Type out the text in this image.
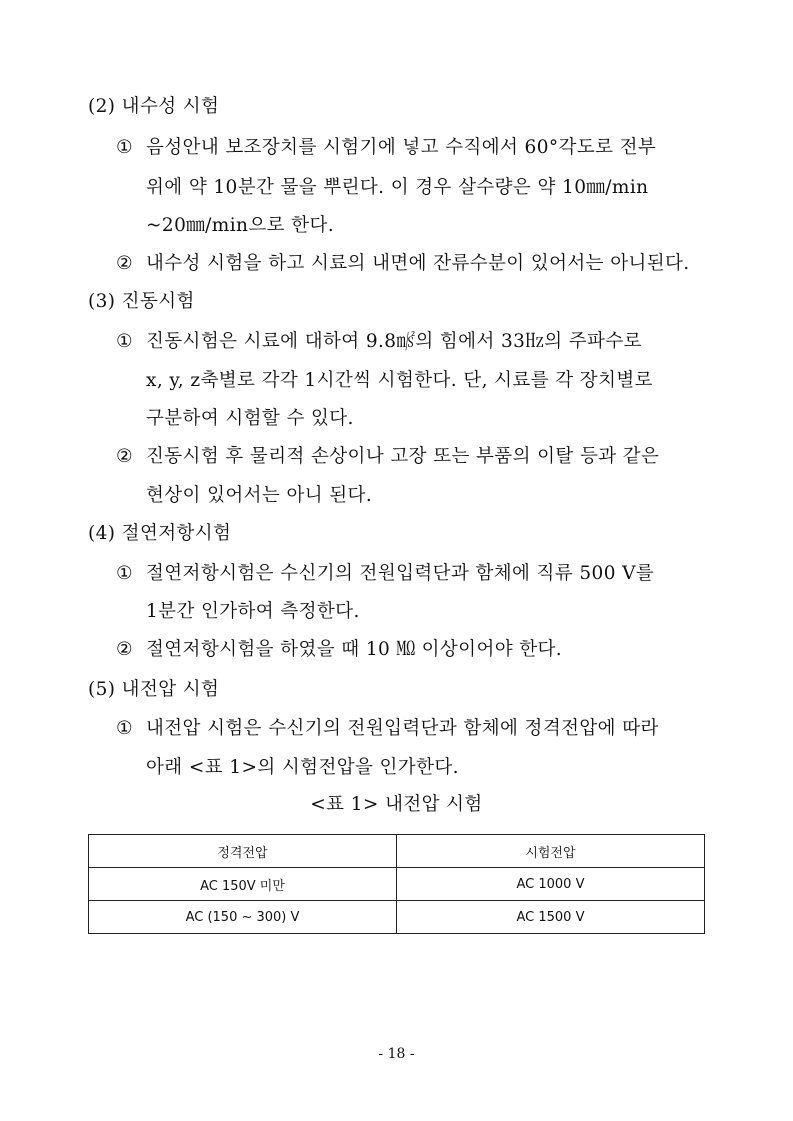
(2) 내수성 시험
① 음성안내 보조장치를 시험기에 넣고 수직에서 60°각도로 전부
위에 약 10분간 물을 뿌린다. 이 경우 살수량은 약 10㎜/min
~20㎜/min으로 한다.
② 내수성 시험을 하고 시료의 내면에 잔류수분이 있어서는 아니된다.
(3) 진동시험
① 진동시험은 시료에 대하여 9.8㎨의 힘에서 33㎐의 주파수로
x, y, z축별로 각각 1시간씩 시험한다. 단, 시료를 각 장치별로
구분하여 시험할 수 있다.
② 진동시험 후 물리적 손상이나 고장 또는 부품의 이탈 등과 같은
현상이 있어서는 아니 된다.
(4) 절연저항시험
① 절연저항시험은 수신기의 전원입력단과 함체에 직류 500 V를
1분간 인가하여 측정한다.
② 절연저항시험을 하였을 때 10 ㏁ 이상이어야 한다.
(5) 내전압 시험
① 내전압 시험은 수신기의 전원입력단과 함체에 정격전압에 따라
아래 <표 1>의 시험전압을 인가한다.
<표 1> 내전압 시험
정격전압	시험전압
AC 150V 미만	AC 1000 V
AC (150 ~ 300) V	AC 1500 V
- 18 -
